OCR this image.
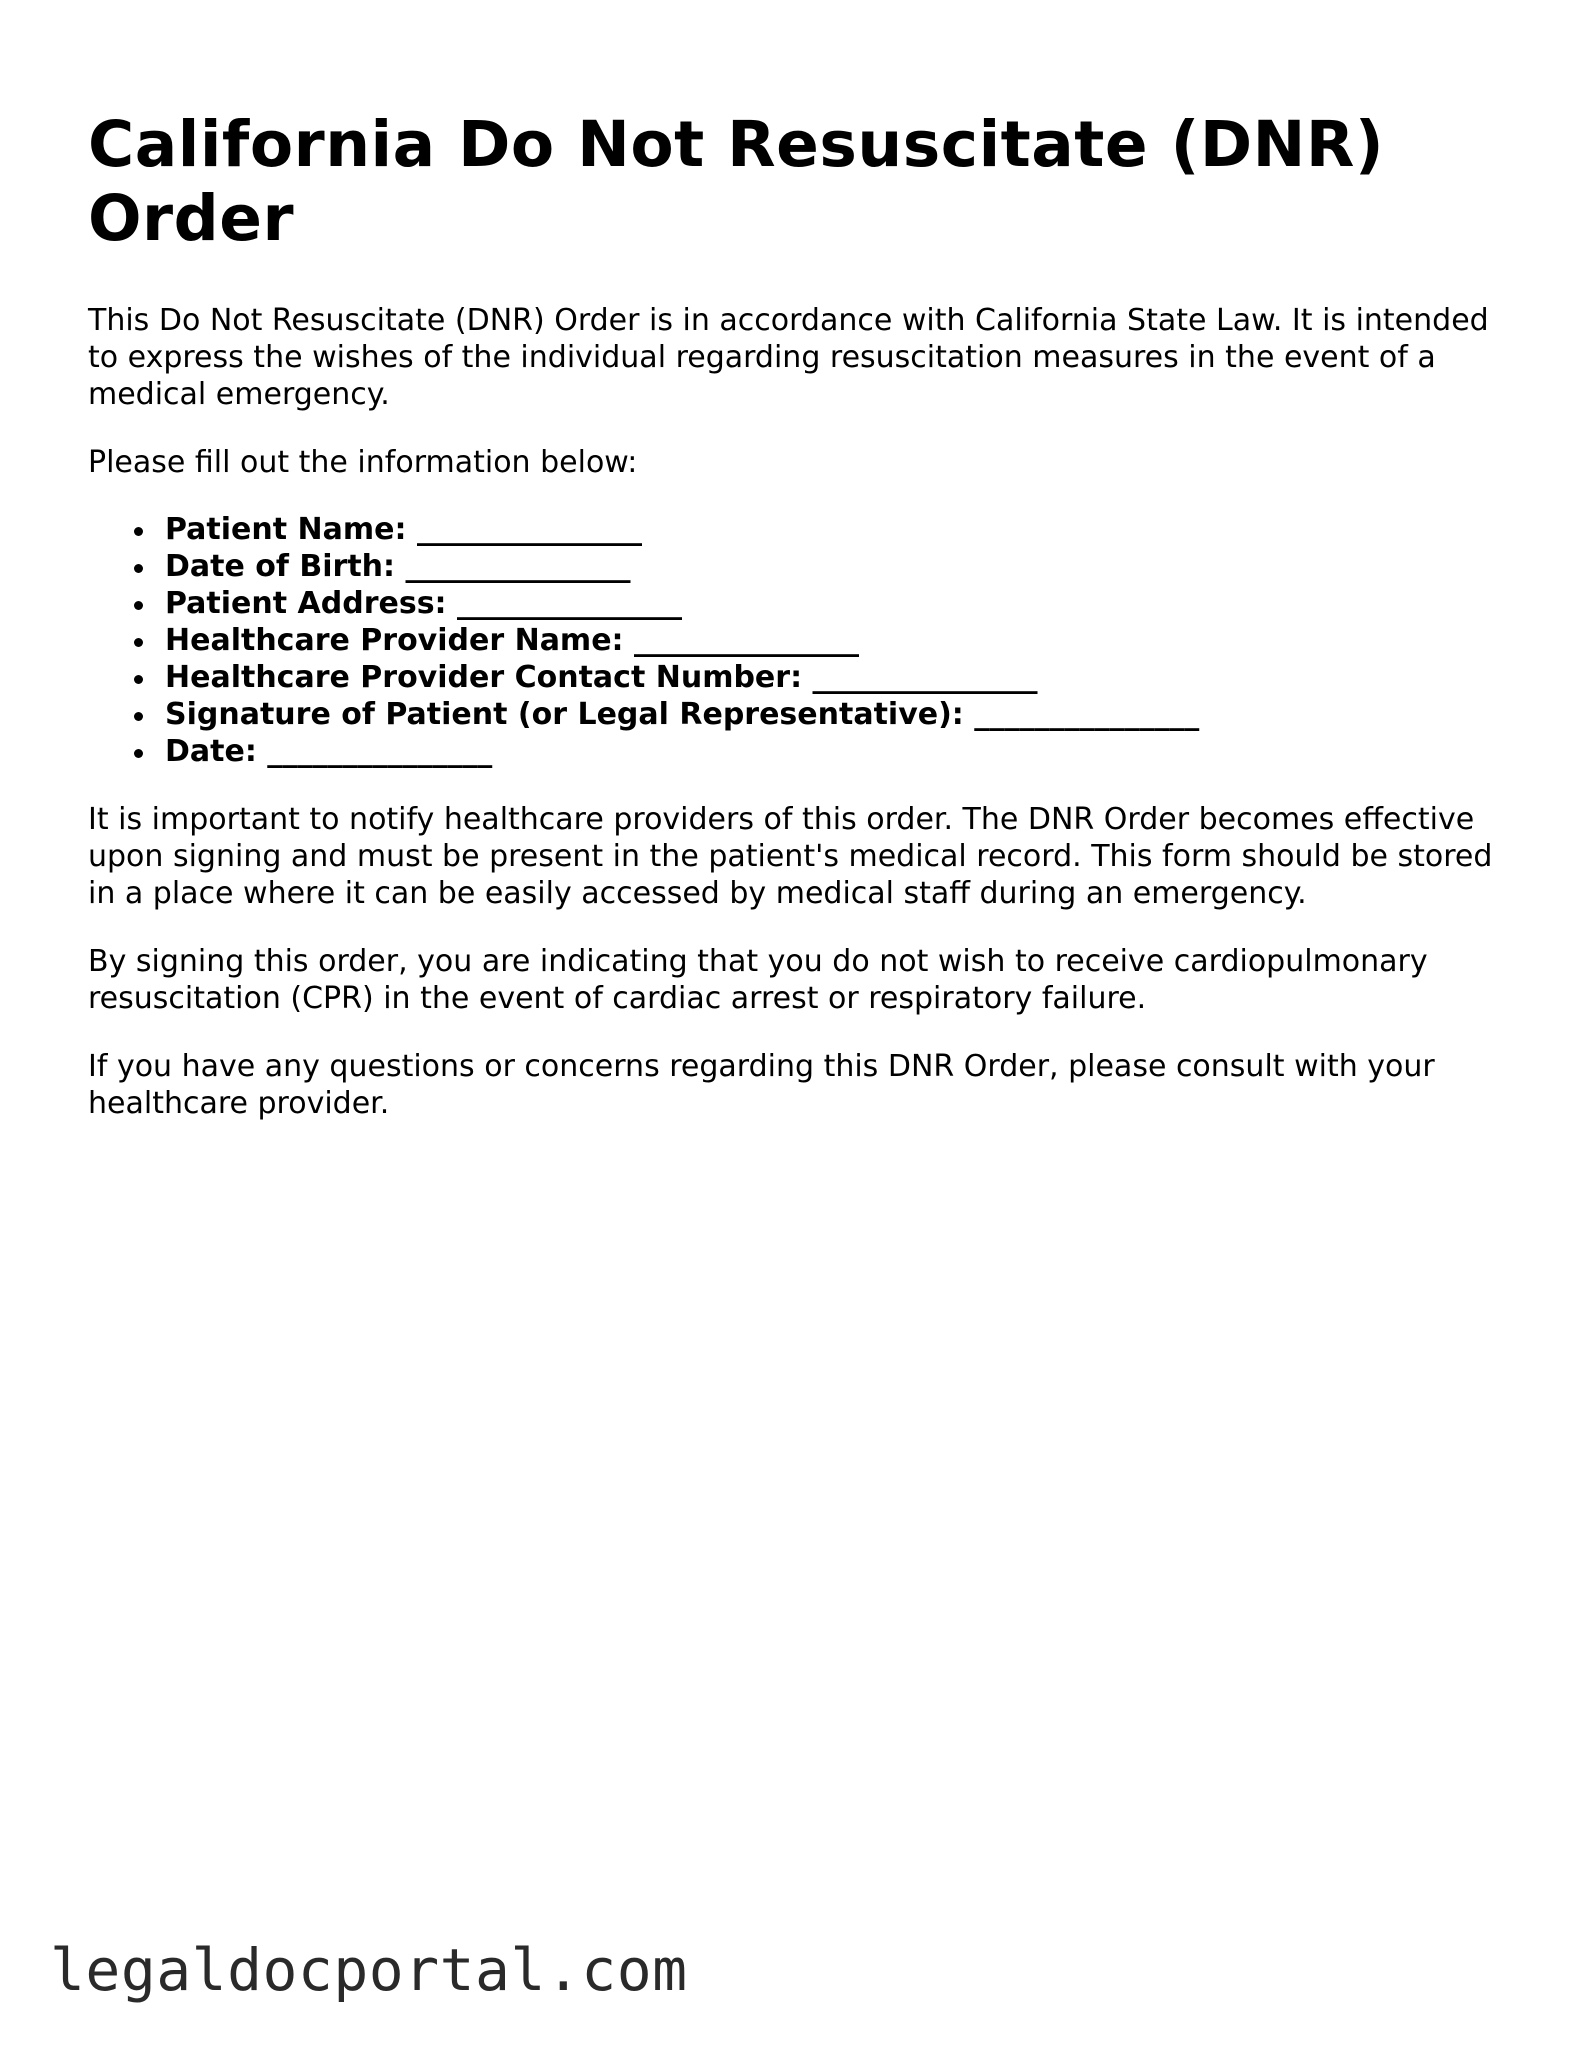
California Do Not Resuscitate (DNR) Order

This Do Not Resuscitate (DNR) Order is in accordance with California State Law. It is intended to express the wishes of the individual regarding resuscitation measures in the event of a medical emergency.

Please fill out the information below:

Patient Name: _______________
Date of Birth: _______________
Patient Address: _______________
Healthcare Provider Name: _______________
Healthcare Provider Contact Number: _______________
Signature of Patient (or Legal Representative): _______________
Date: _______________

It is important to notify healthcare providers of this order. The DNR Order becomes effective upon signing and must be present in the patient's medical record. This form should be stored in a place where it can be easily accessed by medical staff during an emergency.

By signing this order, you are indicating that you do not wish to receive cardiopulmonary resuscitation (CPR) in the event of cardiac arrest or respiratory failure.

If you have any questions or concerns regarding this DNR Order, please consult with your healthcare provider.

legaldocportal.com
